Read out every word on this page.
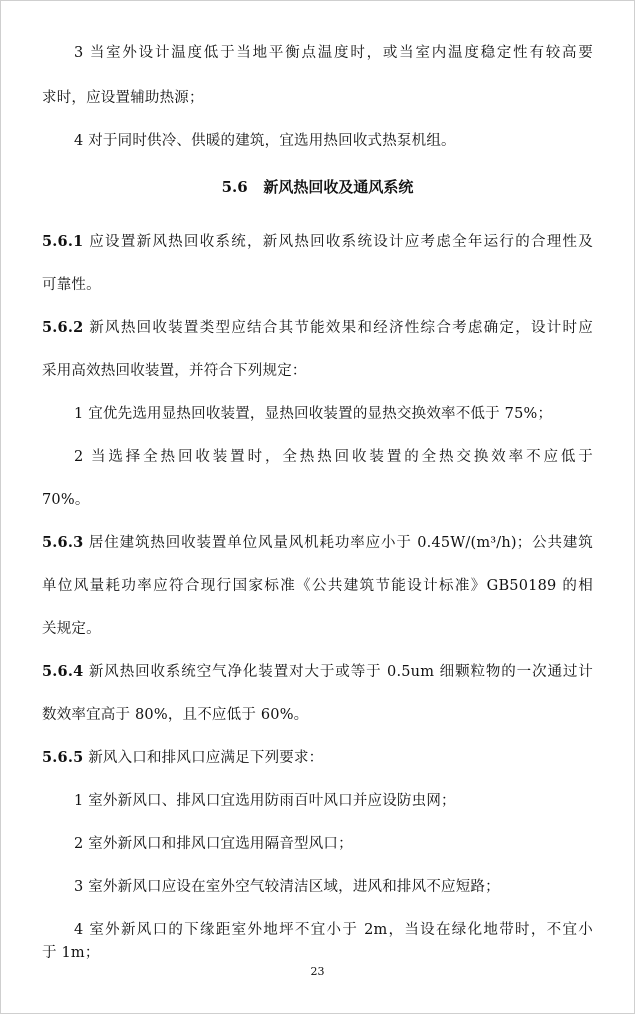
3 当室外设计温度低于当地平衡点温度时，或当室内温度稳定性有较高要
求时，应设置辅助热源；
4 对于同时供冷、供暖的建筑，宜选用热回收式热泵机组。
5.6 新风热回收及通风系统
5.6.1 应设置新风热回收系统，新风热回收系统设计应考虑全年运行的合理性及
可靠性。
5.6.2 新风热回收装置类型应结合其节能效果和经济性综合考虑确定，设计时应
采用高效热回收装置，并符合下列规定：
1 宜优先选用显热回收装置，显热回收装置的显热交换效率不低于 75%；
2 当选择全热回收装置时，全热热回收装置的全热交换效率不应低于
70%。
5.6.3 居住建筑热回收装置单位风量风机耗功率应小于 0.45W/(m³/h)；公共建筑
单位风量耗功率应符合现行国家标准《公共建筑节能设计标准》GB50189 的相
关规定。
5.6.4 新风热回收系统空气净化装置对大于或等于 0.5um 细颗粒物的一次通过计
数效率宜高于 80%，且不应低于 60%。
5.6.5 新风入口和排风口应满足下列要求：
1 室外新风口、排风口宜选用防雨百叶风口并应设防虫网；
2 室外新风口和排风口宜选用隔音型风口；
3 室外新风口应设在室外空气较清洁区域，进风和排风不应短路；
4 室外新风口的下缘距室外地坪不宜小于 2m，当设在绿化地带时，不宜小
于 1m；
23
